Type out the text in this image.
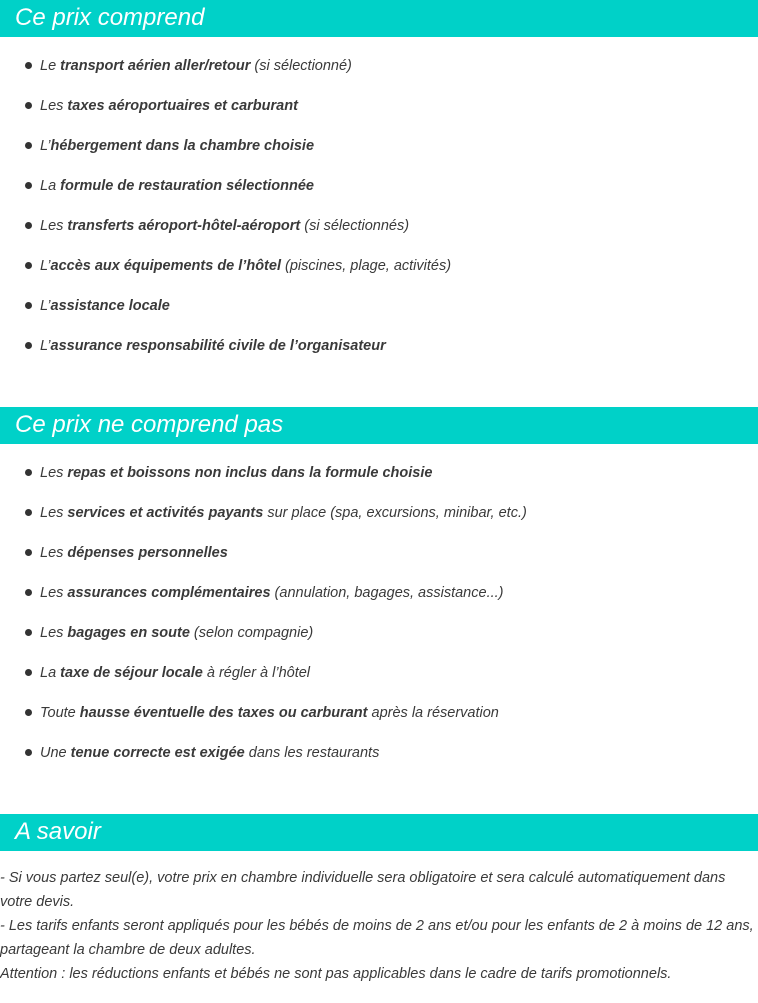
Ce prix comprend
Le transport aérien aller/retour (si sélectionné)
Les taxes aéroportuaires et carburant
L’hébergement dans la chambre choisie
La formule de restauration sélectionnée
Les transferts aéroport-hôtel-aéroport (si sélectionnés)
L’accès aux équipements de l’hôtel (piscines, plage, activités)
L’assistance locale
L’assurance responsabilité civile de l’organisateur
Ce prix ne comprend pas
Les repas et boissons non inclus dans la formule choisie
Les services et activités payants sur place (spa, excursions, minibar, etc.)
Les dépenses personnelles
Les assurances complémentaires (annulation, bagages, assistance...)
Les bagages en soute (selon compagnie)
La taxe de séjour locale à régler à l’hôtel
Toute hausse éventuelle des taxes ou carburant après la réservation
Une tenue correcte est exigée dans les restaurants
A savoir

- Si vous partez seul(e), votre prix en chambre individuelle sera obligatoire et sera calculé automatiquement dans votre devis.

- Les tarifs enfants seront appliqués pour les bébés de moins de 2 ans et/ou pour les enfants de 2 à moins de 12 ans, partageant la chambre de deux adultes.

Attention : les réductions enfants et bébés ne sont pas applicables dans le cadre de tarifs promotionnels.
